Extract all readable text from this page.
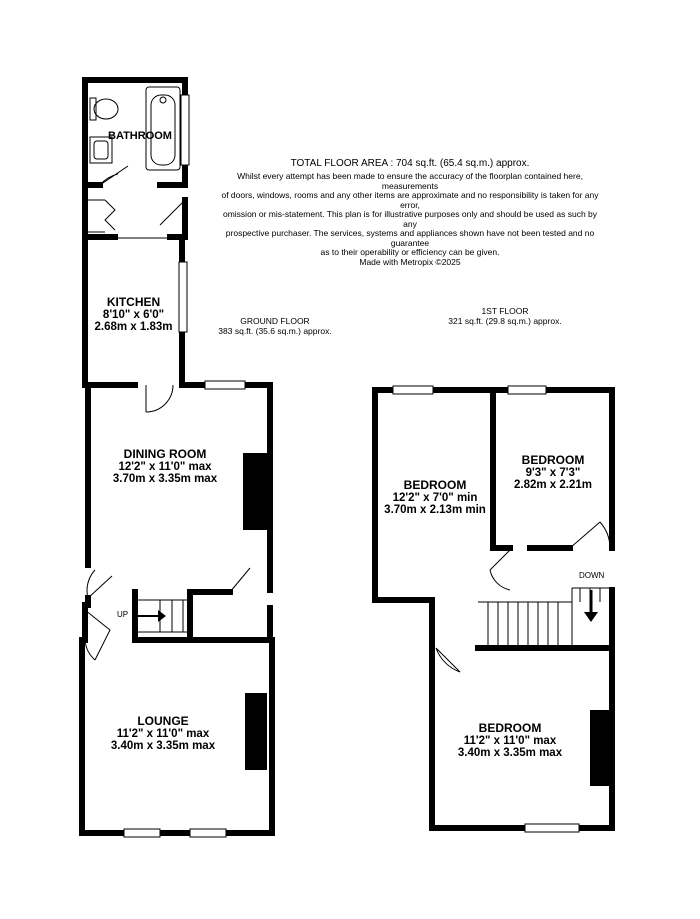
TOTAL FLOOR AREA : 704 sq.ft. (65.4 sq.m.) approx.
Whilst every attempt has been made to ensure the accuracy of the floorplan contained here, measurements
of doors, windows, rooms and any other items are approximate and no responsibility is taken for any error,
omission or mis-statement. This plan is for illustrative purposes only and should be used as such by any
prospective purchaser. The services, systems and appliances shown have not been tested and no guarantee
as to their operability or efficiency can be given.
Made with Metropix ©2025
GROUND FLOOR
383 sq.ft. (35.6 sq.m.) approx.
1ST FLOOR
321 sq.ft. (29.8 sq.m.) approx.
BATHROOM
KITCHEN
8'10" x 6'0"
2.68m x 1.83m
DINING ROOM
12'2" x 11'0" max
3.70m x 3.35m max
LOUNGE
11'2" x 11'0" max
3.40m x 3.35m max
UP
BEDROOM
12'2" x 7'0" min
3.70m x 2.13m min
BEDROOM
9'3" x 7'3"
2.82m x 2.21m
BEDROOM
11'2" x 11'0" max
3.40m x 3.35m max
DOWN
